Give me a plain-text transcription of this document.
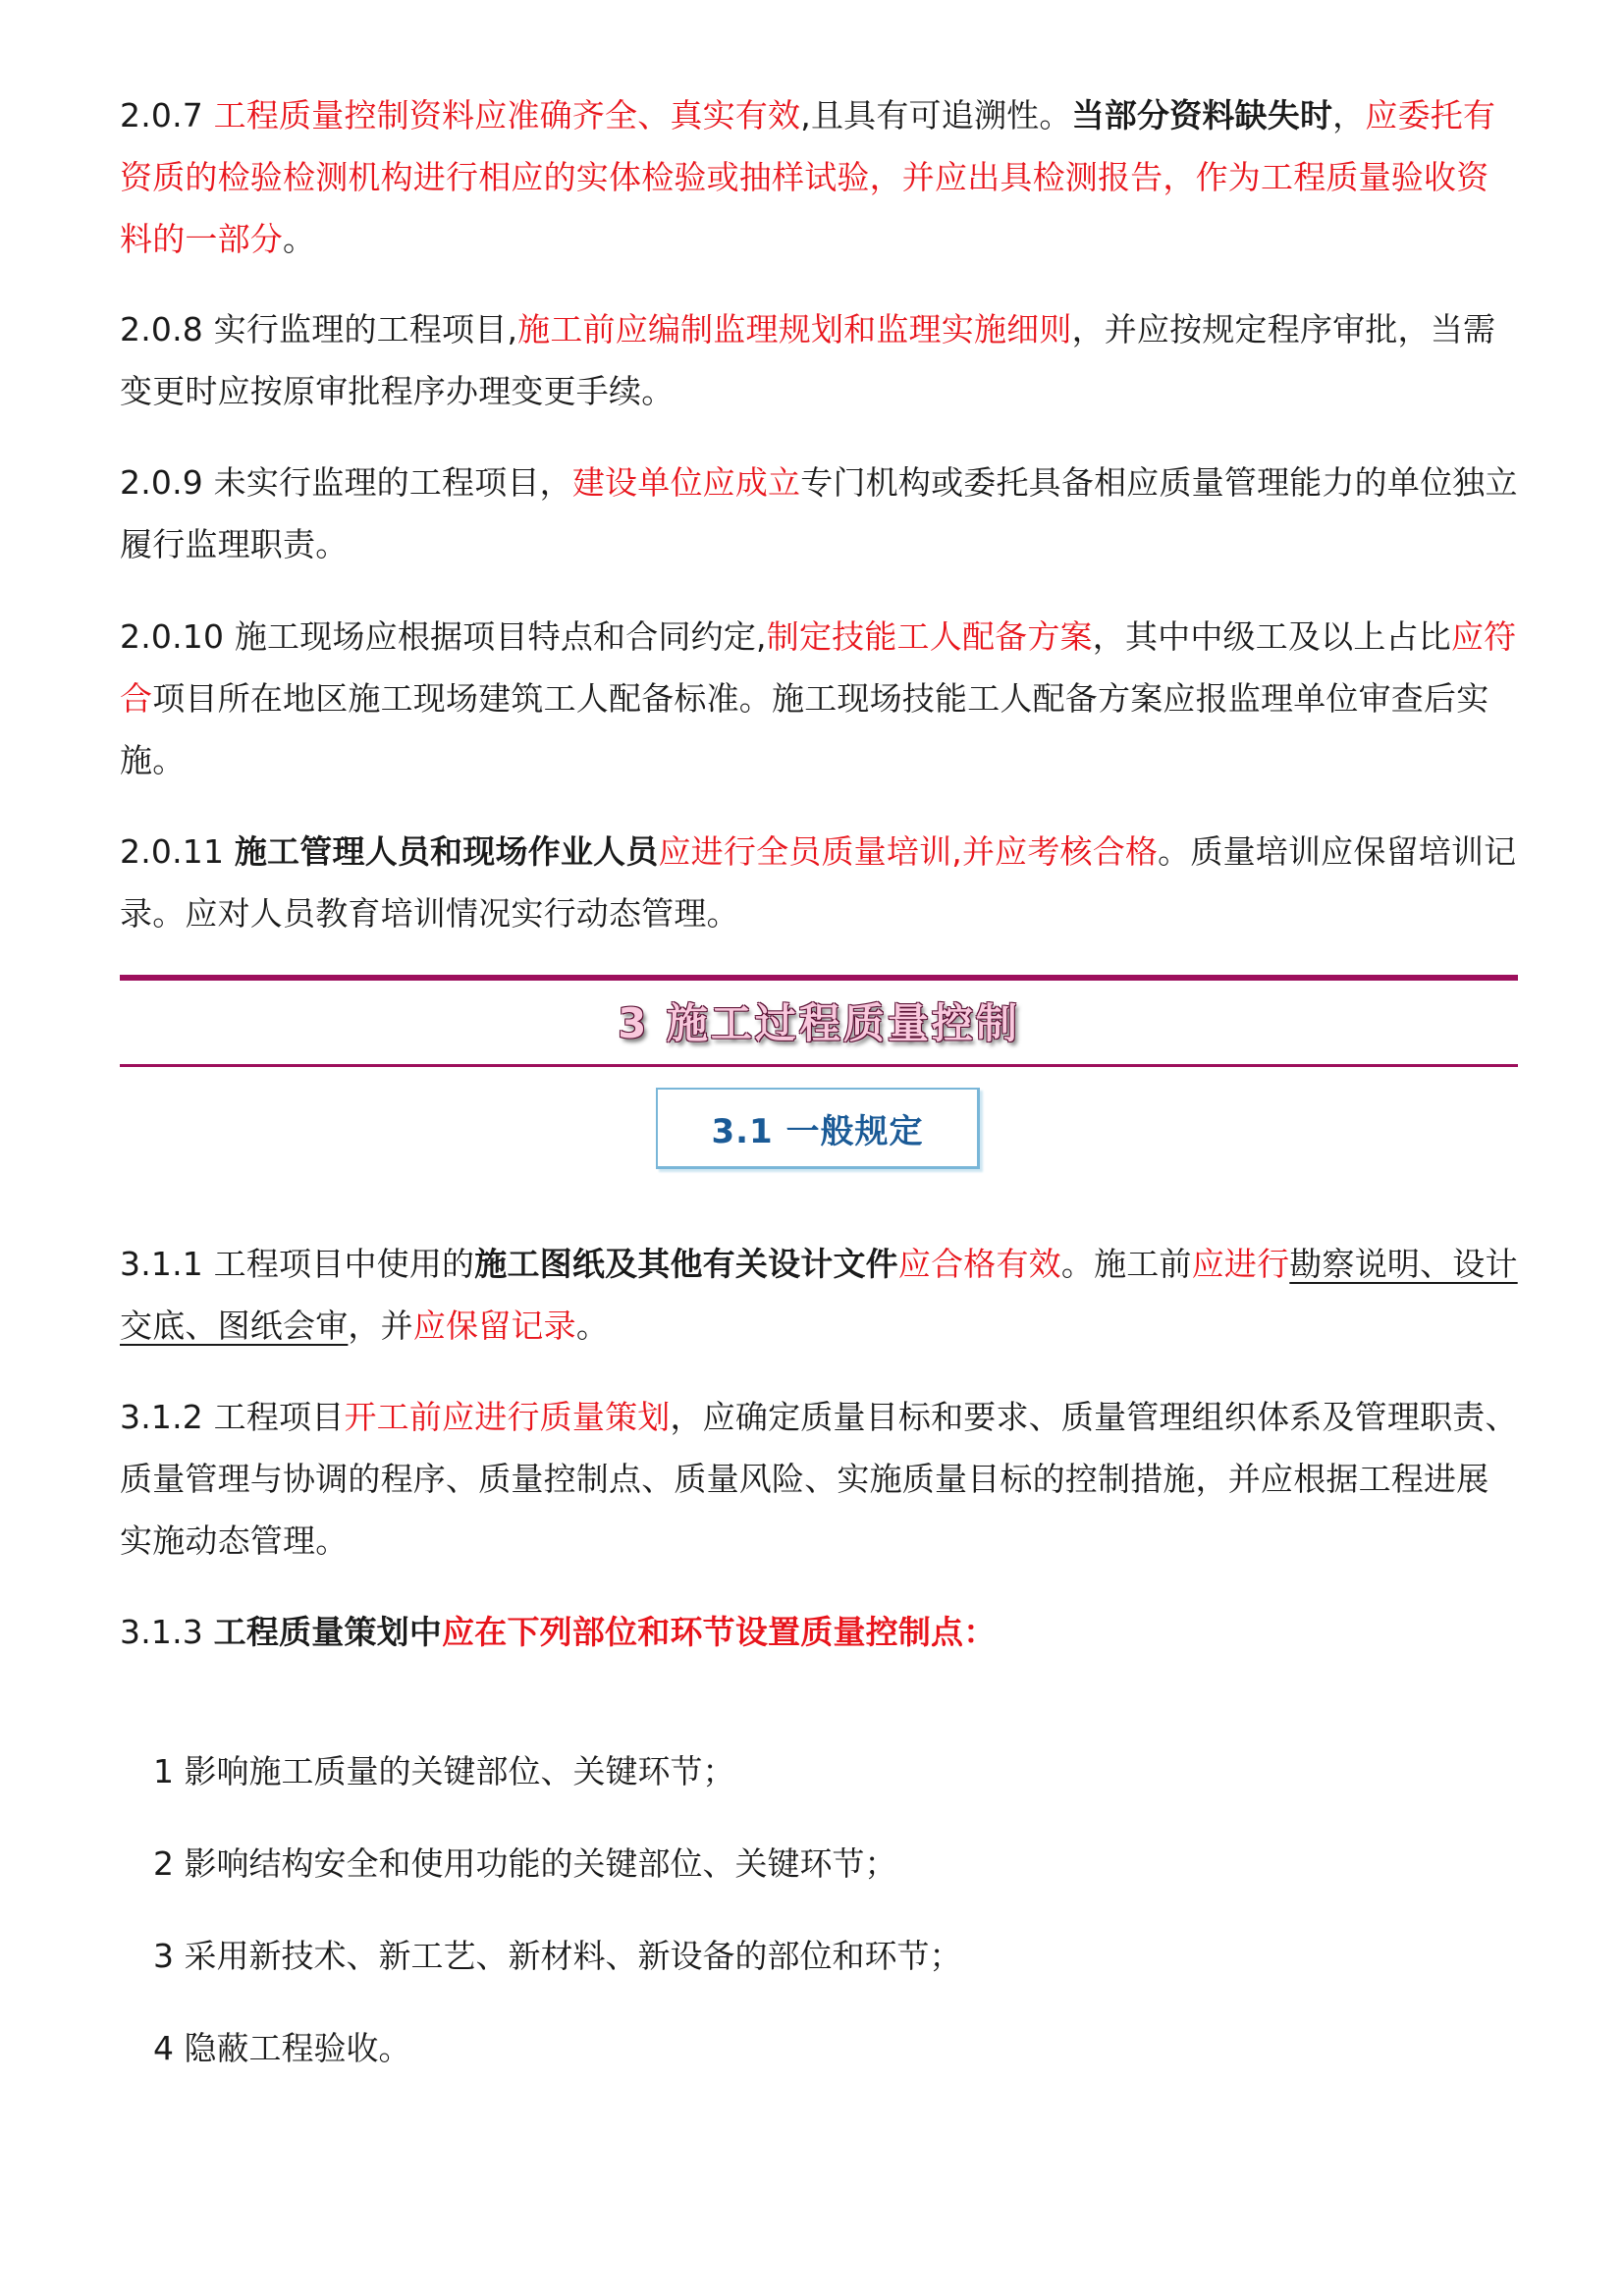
2.0.7 工程质量控制资料应准确齐全、真实有效,且具有可追溯性。当部分资料缺失时，应委托有资质的检验检测机构进行相应的实体检验或抽样试验，并应出具检测报告，作为工程质量验收资料的一部分。

2.0.8 实行监理的工程项目,施工前应编制监理规划和监理实施细则，并应按规定程序审批，当需变更时应按原审批程序办理变更手续。

2.0.9 未实行监理的工程项目，建设单位应成立专门机构或委托具备相应质量管理能力的单位独立履行监理职责。

2.0.10 施工现场应根据项目特点和合同约定,制定技能工人配备方案，其中中级工及以上占比应符合项目所在地区施工现场建筑工人配备标准。施工现场技能工人配备方案应报监理单位审查后实施。

2.0.11 施工管理人员和现场作业人员应进行全员质量培训,并应考核合格。质量培训应保留培训记录。应对人员教育培训情况实行动态管理。

3 施工过程质量控制
3.1 一般规定

3.1.1 工程项目中使用的施工图纸及其他有关设计文件应合格有效。施工前应进行勘察说明、设计交底、图纸会审，并应保留记录。

3.1.2 工程项目开工前应进行质量策划，应确定质量目标和要求、质量管理组织体系及管理职责、质量管理与协调的程序、质量控制点、质量风险、实施质量目标的控制措施，并应根据工程进展实施动态管理。

3.1.3 工程质量策划中应在下列部位和环节设置质量控制点：

1 影响施工质量的关键部位、关键环节；

2 影响结构安全和使用功能的关键部位、关键环节；

3 采用新技术、新工艺、新材料、新设备的部位和环节；

4 隐蔽工程验收。
